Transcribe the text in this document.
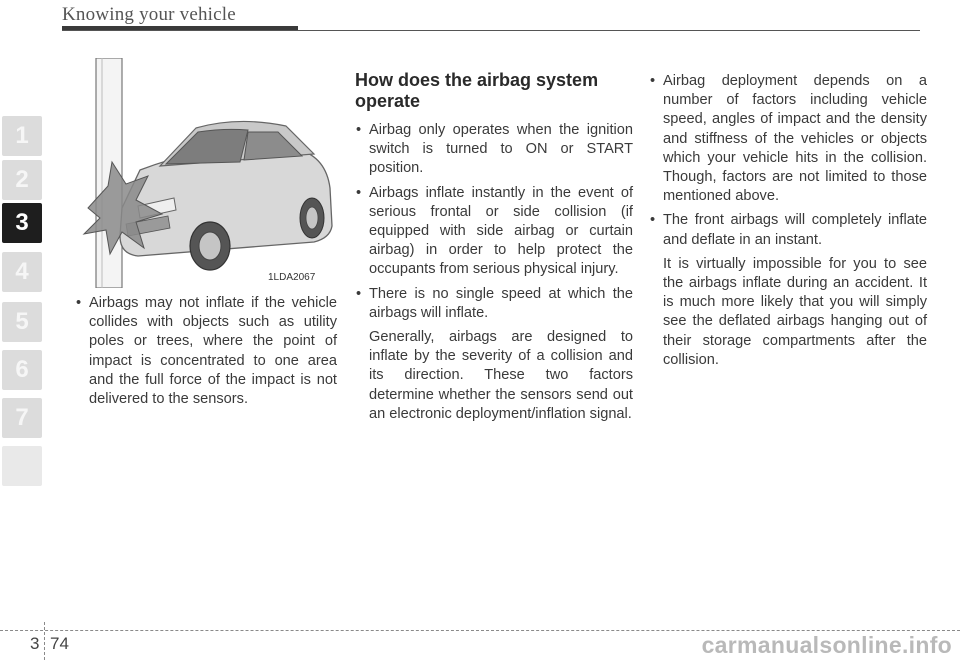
Knowing your vehicle
1
2
3
4
5
6
7
1LDA2067
• Airbags may not inflate if the vehicle collides with objects such as utility poles or trees, where the point of impact is concentrated to one area and the full force of the impact is not delivered to the sensors.
How does the airbag system operate
• Airbag only operates when the ignition switch is turned to ON or START position.
• Airbags inflate instantly in the event of serious frontal or side collision (if equipped with side airbag or curtain airbag) in order to help protect the occupants from serious physical injury.
• There is no single speed at which the airbags will inflate.

Generally, airbags are designed to inflate by the severity of a collision and its direction. These two factors determine whether the sensors send out an electronic deployment/inflation signal.

• Airbag deployment depends on a number of factors including vehicle speed, angles of impact and the density and stiffness of the vehicles or objects which your vehicle hits in the collision. Though, factors are not limited to those mentioned above.
• The front airbags will completely inflate and deflate in an instant.

It is virtually impossible for you to see the airbags inflate during an accident. It is much more likely that you will simply see the deflated airbags hanging out of their storage compartments after the collision.

3 74	carmanualsonline.info
